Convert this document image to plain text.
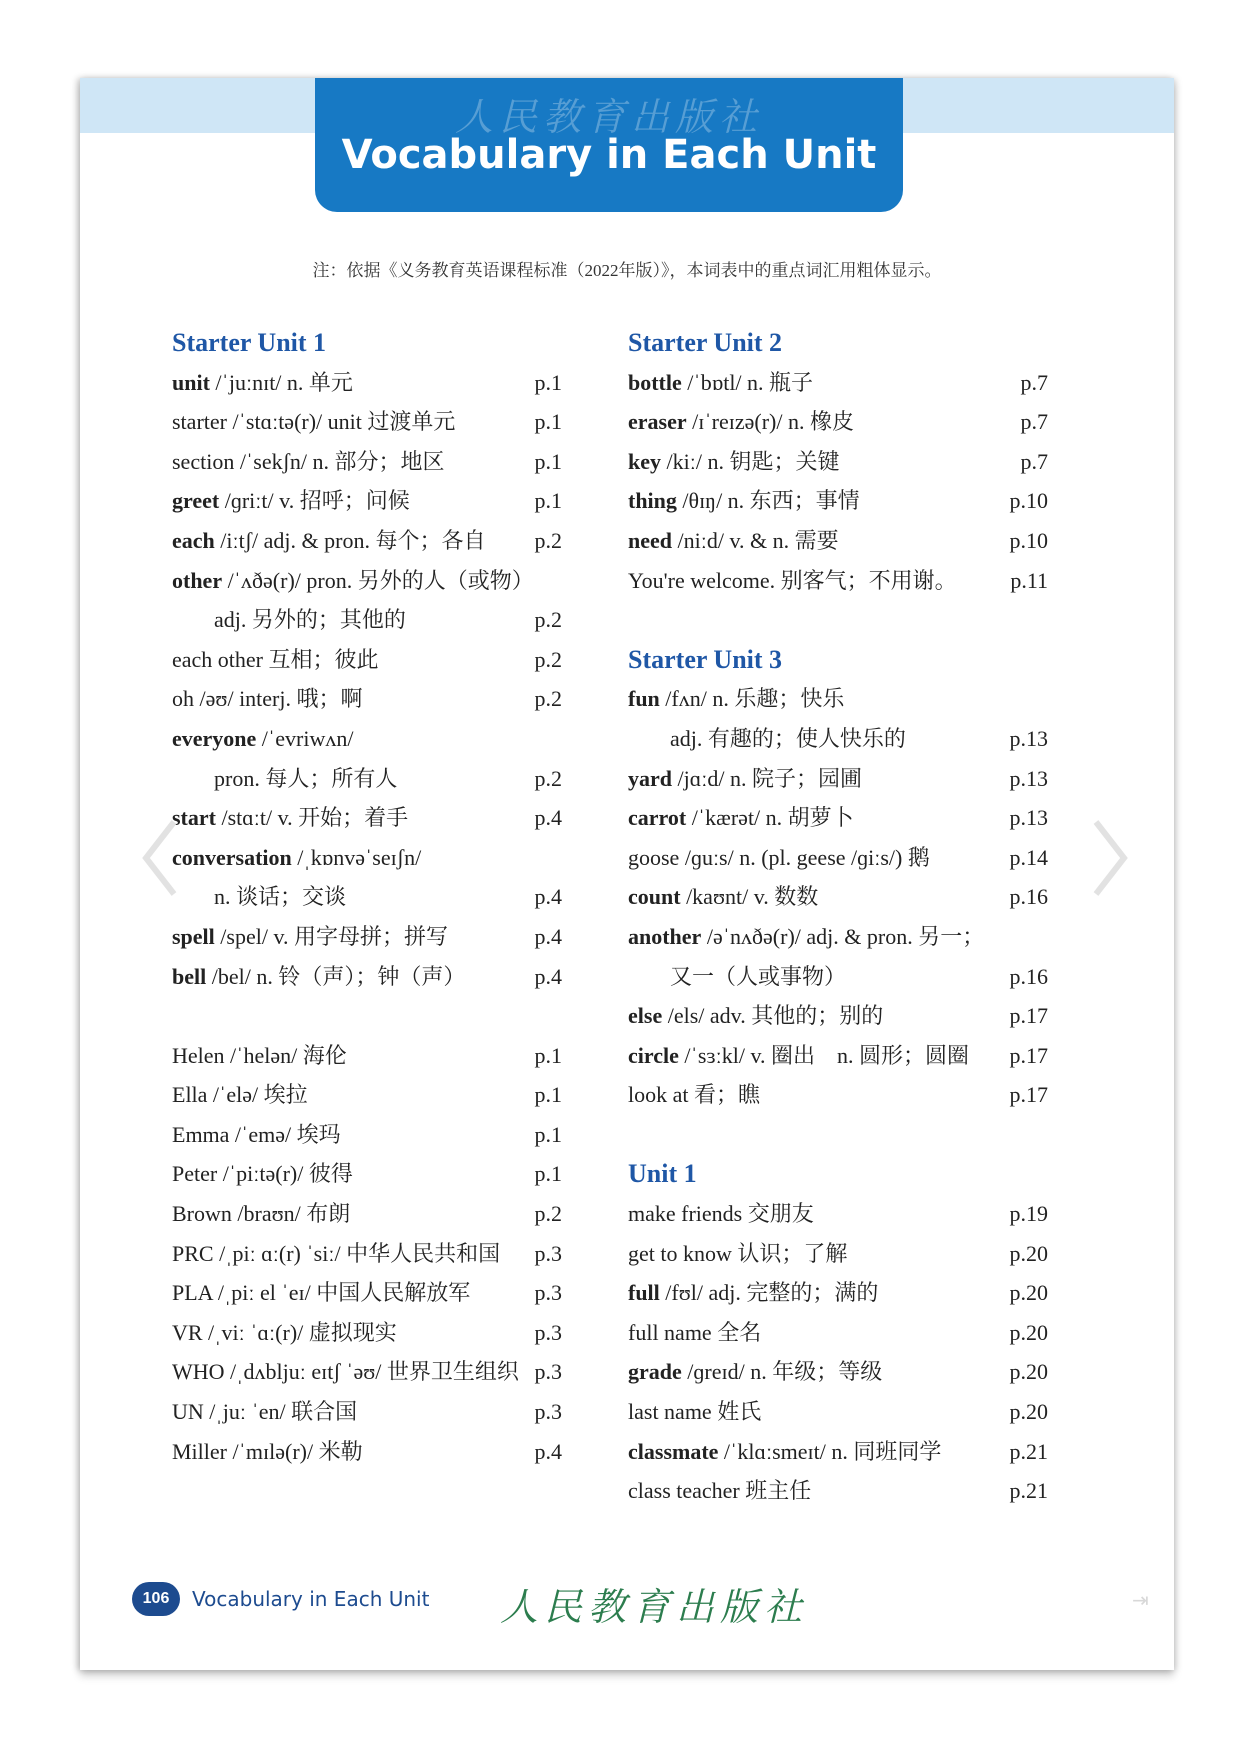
人民教育出版社
Vocabulary in Each Unit
注：依据《义务教育英语课程标准（2022年版）》，本词表中的重点词汇用粗体显示。
Starter Unit 1
unit /ˈjuːnɪt/ n. 单元	p.1
starter /ˈstɑːtə(r)/ unit 过渡单元	p.1
section /ˈsekʃn/ n. 部分；地区	p.1
greet /ɡriːt/ v. 招呼；问候	p.1
each /iːtʃ/ adj. & pron. 每个；各自 p.2
other /ˈʌðə(r)/ pron. 另外的人（或物）
adj. 另外的；其他的	p.2
each other 互相；彼此	p.2
oh /əʊ/ interj. 哦；啊	p.2
everyone /ˈevriwʌn/
pron. 每人；所有人	p.2
start /stɑːt/ v. 开始；着手	p.4
conversation /ˌkɒnvəˈseɪʃn/
n. 谈话；交谈	p.4
spell /spel/ v. 用字母拼；拼写	p.4
bell /bel/ n. 铃（声）；钟（声）	p.4
Helen /ˈhelən/ 海伦	p.1
Ella /ˈelə/ 埃拉	p.1
Emma /ˈemə/ 埃玛	p.1
Peter /ˈpiːtə(r)/ 彼得	p.1
Brown /braʊn/ 布朗	p.2
PRC /ˌpiː ɑː(r) ˈsiː/ 中华人民共和国 p.3
PLA /ˌpiː el ˈeɪ/ 中国人民解放军	p.3
VR /ˌviː ˈɑː(r)/ 虚拟现实	p.3
WHO /ˌdʌbljuː eɪtʃ ˈəʊ/ 世界卫生组织 p.3
UN /ˌjuː ˈen/ 联合国	p.3
Miller /ˈmɪlə(r)/ 米勒	p.4
Starter Unit 2
bottle /ˈbɒtl/ n. 瓶子	p.7
eraser /ɪˈreɪzə(r)/ n. 橡皮	p.7
key /kiː/ n. 钥匙；关键	p.7
thing /θɪŋ/ n. 东西；事情	p.10
need /niːd/ v. & n. 需要	p.10
You're welcome. 别客气；不用谢。 p.11
Starter Unit 3
fun /fʌn/ n. 乐趣；快乐
adj. 有趣的；使人快乐的	p.13
yard /jɑːd/ n. 院子；园圃	p.13
carrot /ˈkærət/ n. 胡萝卜	p.13
goose /ɡuːs/ n. (pl. geese /ɡiːs/) 鹅	p.14
count /kaʊnt/ v. 数数	p.16
another /əˈnʌðə(r)/ adj. & pron. 另一；
又一（人或事物）	p.16
else /els/ adv. 其他的；别的	p.17
circle /ˈsɜːkl/ v. 圈出　n. 圆形；圆圈 p.17
look at 看；瞧	p.17
Unit 1
make friends 交朋友	p.19
get to know 认识；了解	p.20
full /fʊl/ adj. 完整的；满的	p.20
full name 全名	p.20
grade /ɡreɪd/ n. 年级；等级	p.20
last name 姓氏	p.20
classmate /ˈklɑːsmeɪt/ n. 同班同学	p.21
class teacher 班主任	p.21
106	Vocabulary in Each Unit 人民教育出版社	⇥
